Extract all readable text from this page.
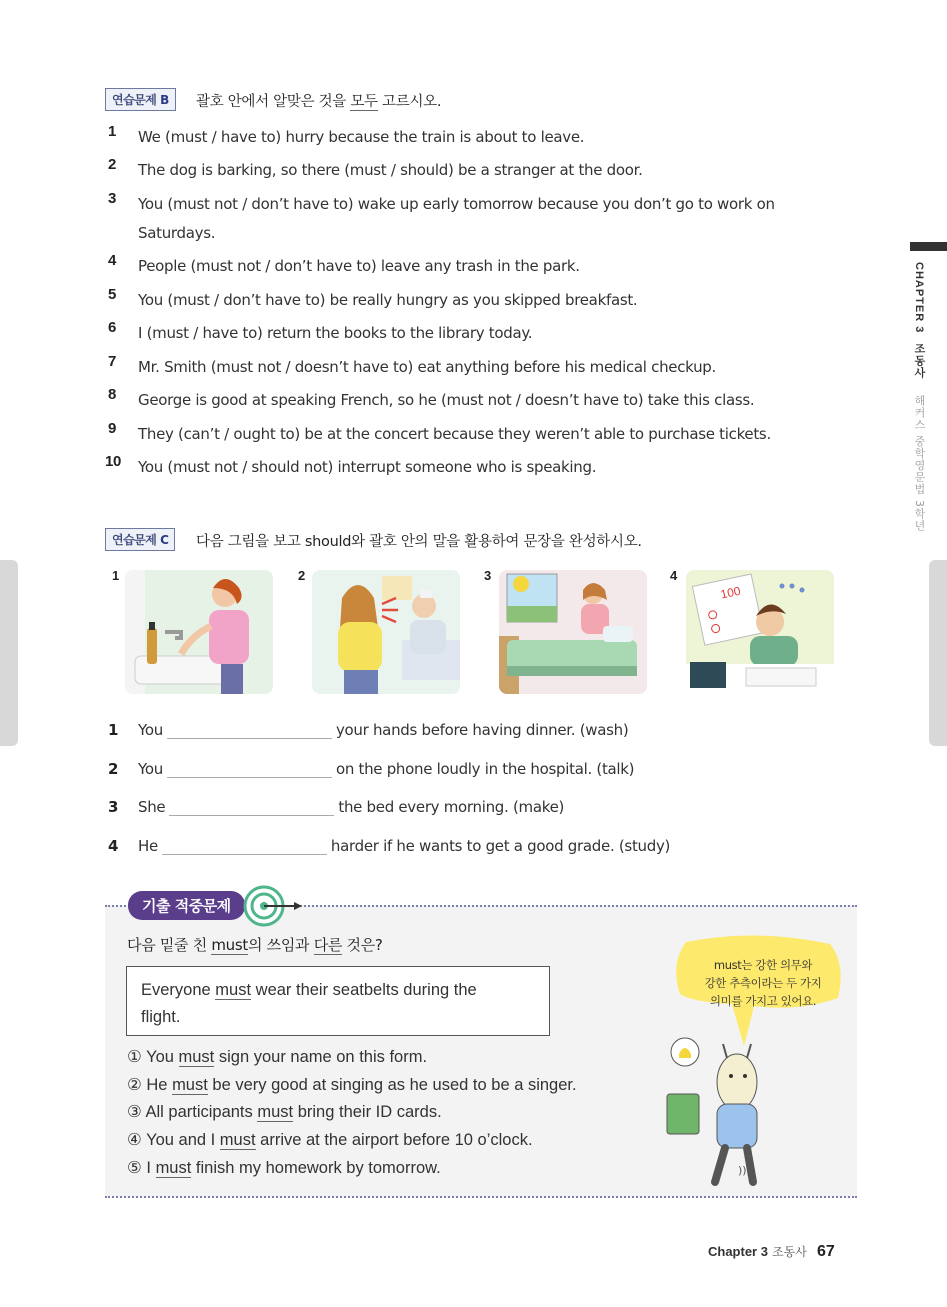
연습문제 B	괄호 안에서 알맞은 것을 모두 고르시오.
1	We (must / have to) hurry because the train is about to leave.
2	The dog is barking, so there (must / should) be a stranger at the door.
3	You (must not / don’t have to) wake up early tomorrow because you don’t go to work on
Saturdays.
4	People (must not / don’t have to) leave any trash in the park.
5	You (must / don’t have to) be really hungry as you skipped breakfast.
6	I (must / have to) return the books to the library today.
7	Mr. Smith (must not / doesn’t have to) eat anything before his medical checkup.
8	George is good at speaking French, so he (must not / doesn’t have to) take this class.
9	They (can’t / ought to) be at the concert because they weren’t able to purchase tickets.
10	You (must not / should not) interrupt someone who is speaking.
연습문제 C	다음 그림을 보고 should와 괄호 안의 말을 활용하여 문장을 완성하시오.
1	2	3	4
100
1	You	your hands before having dinner. (wash)
2	You	on the phone loudly in the hospital. (talk)
3	She	the bed every morning. (make)
4	He	harder if he wants to get a good grade. (study)
기출 적중문제
다음 밑줄 친 must의 쓰임과 다른 것은?
Everyone must wear their seatbelts during the
flight.
① You must sign your name on this form.
② He must be very good at singing as he used to be a singer.
③ All participants must bring their ID cards.
④ You and I must arrive at the airport before 10 o’clock.
⑤ I must finish my homework by tomorrow.
must는 강한 의무와
강한 추측이라는 두 가지
의미를 가지고 있어요.
)))
CHAPTER 3 조동사
해커스 중학영문법 3학년
Chapter 3 조동사 67
